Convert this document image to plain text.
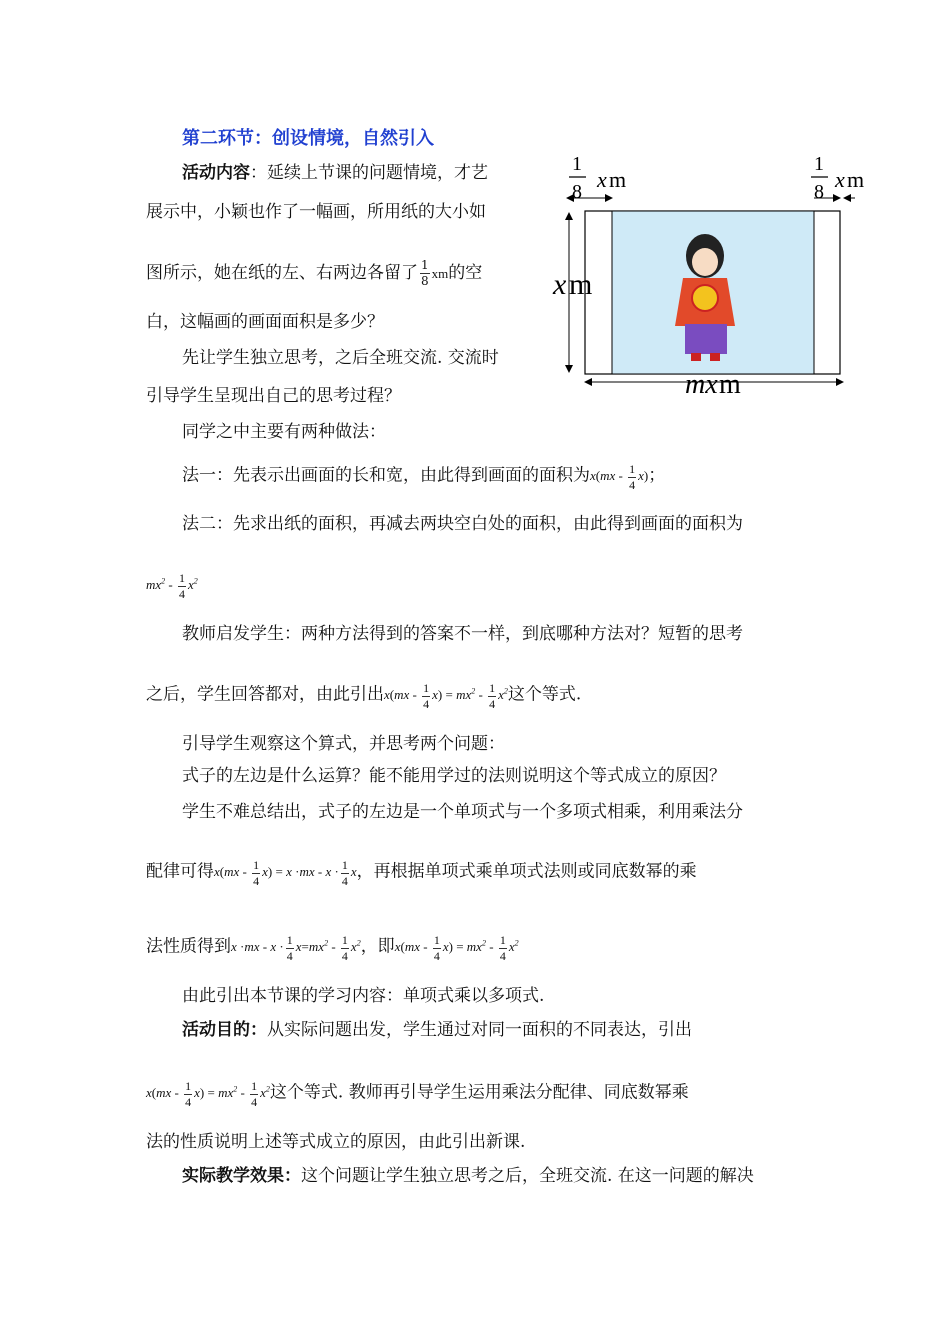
第二环节：创设情境，自然引入
活动内容：延续上节课的问题情境，才艺
展示中，小颖也作了一幅画，所用纸的大小如
图所示，她在纸的左、右两边各留了 $\frac{1}{8}$ xm的空
白，这幅画的画面面积是多少？
先让学生独立思考，之后全班交流. 交流时
引导学生呈现出自己的思考过程？
同学之中主要有两种做法：
法一：先表示出画面的长和宽，由此得到画面的面积为$x(mx - \frac{1}{4} x)$；
法二：先求出纸的面积，再减去两块空白处的面积，由此得到画面的面积为
$mx^2 - \frac{1}{4} x^2$
教师启发学生：两种方法得到的答案不一样，到底哪种方法对？短暂的思考
之后，学生回答都对，由此引出$x(mx - \frac{1}{4} x) = mx^2 - \frac{1}{4} x^2$这个等式.
引导学生观察这个算式，并思考两个问题：
式子的左边是什么运算？能不能用学过的法则说明这个等式成立的原因？
学生不难总结出，式子的左边是一个单项式与一个多项式相乘，利用乘法分
配律可得$x(mx - \frac{1}{4} x) = x \cdot mx - x \cdot \frac{1}{4}$ x，再根据单项式乘单项式法则或同底数幂的乘
法性质得到$x \cdot mx - x \cdot \frac{1}{4} x=mx^2 - \frac{1}{4} x^2$，即$x(mx - \frac{1}{4} x) = mx^2 - \frac{1}{4} x^2$
由此引出本节课的学习内容：单项式乘以多项式.
活动目的：从实际问题出发，学生通过对同一面积的不同表达，引出
$x(mx - \frac{1}{4} x) = mx^2 - \frac{1}{4} x^2$这个等式. 教师再引导学生运用乘法分配律、同底数幂乘
法的性质说明上述等式成立的原因，由此引出新课.
实际教学效果：这个问题让学生独立思考之后，全班交流. 在这一问题的解决
1
8 x m
1
8 x m
x m
mx m
